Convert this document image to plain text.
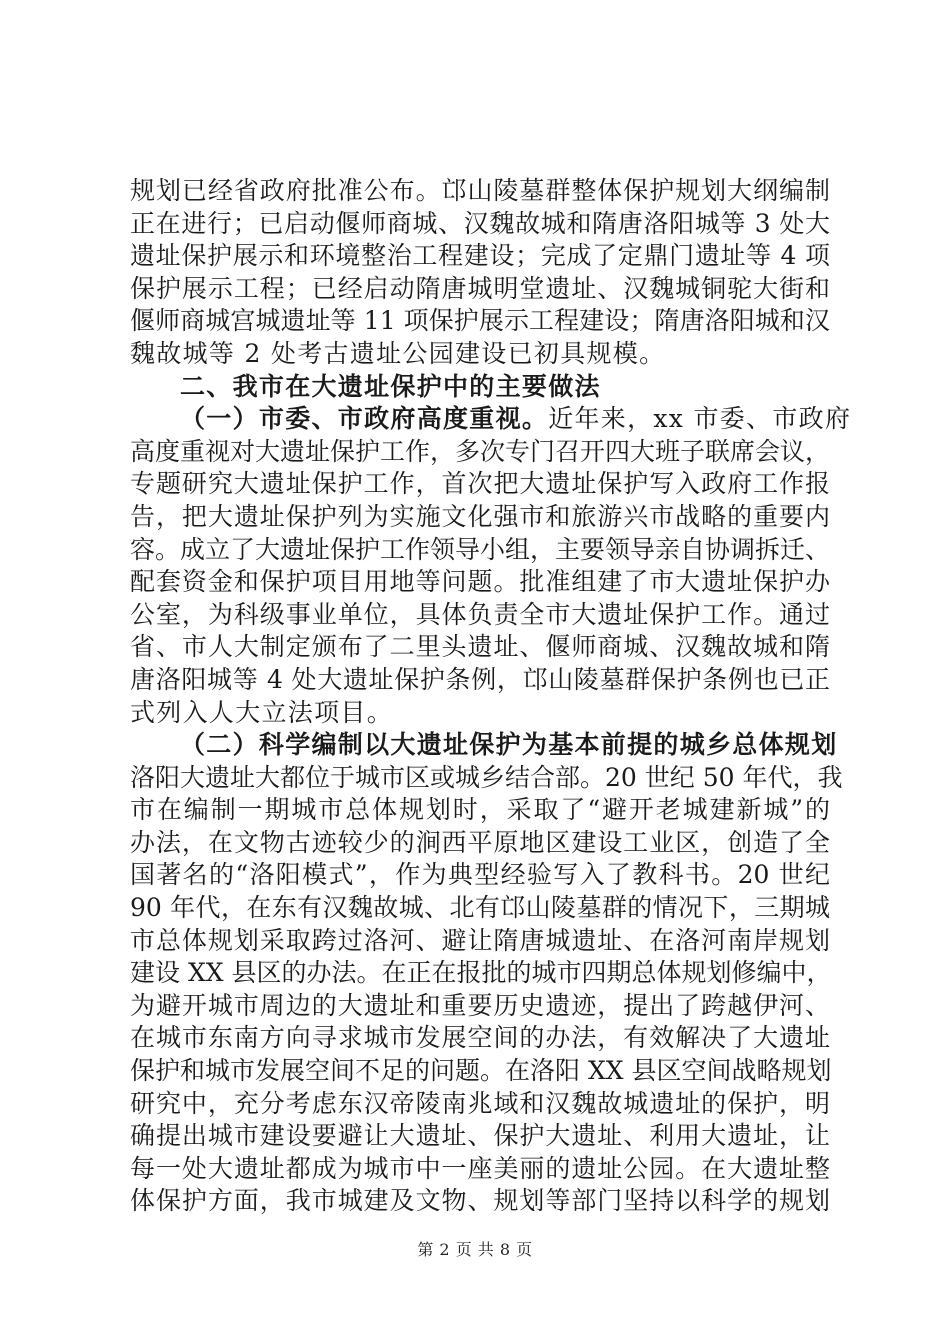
规划已经省政府批准公布。邙山陵墓群整体保护规划大纲编制
正在进行；已启动偃师商城、汉魏故城和隋唐洛阳城等 3 处大
遗址保护展示和环境整治工程建设；完成了定鼎门遗址等 4 项
保护展示工程；已经启动隋唐城明堂遗址、汉魏城铜驼大街和
偃师商城宫城遗址等 11 项保护展示工程建设；隋唐洛阳城和汉
魏故城等 2 处考古遗址公园建设已初具规模。
二、我市在大遗址保护中的主要做法
（一）市委、市政府高度重视。近年来，xx 市委、市政府
高度重视对大遗址保护工作，多次专门召开四大班子联席会议，
专题研究大遗址保护工作，首次把大遗址保护写入政府工作报
告，把大遗址保护列为实施文化强市和旅游兴市战略的重要内
容。成立了大遗址保护工作领导小组，主要领导亲自协调拆迁、
配套资金和保护项目用地等问题。批准组建了市大遗址保护办
公室，为科级事业单位，具体负责全市大遗址保护工作。通过
省、市人大制定颁布了二里头遗址、偃师商城、汉魏故城和隋
唐洛阳城等 4 处大遗址保护条例，邙山陵墓群保护条例也已正
式列入人大立法项目。
（二）科学编制以大遗址保护为基本前提的城乡总体规划
洛阳大遗址大都位于城市区或城乡结合部。20 世纪 50 年代，我
市在编制一期城市总体规划时，采取了“避开老城建新城”的
办法，在文物古迹较少的涧西平原地区建设工业区，创造了全
国著名的“洛阳模式”，作为典型经验写入了教科书。20 世纪
90 年代，在东有汉魏故城、北有邙山陵墓群的情况下，三期城
市总体规划采取跨过洛河、避让隋唐城遗址、在洛河南岸规划
建设 XX 县区的办法。在正在报批的城市四期总体规划修编中，
为避开城市周边的大遗址和重要历史遗迹，提出了跨越伊河、
在城市东南方向寻求城市发展空间的办法，有效解决了大遗址
保护和城市发展空间不足的问题。在洛阳 XX 县区空间战略规划
研究中，充分考虑东汉帝陵南兆域和汉魏故城遗址的保护，明
确提出城市建设要避让大遗址、保护大遗址、利用大遗址，让
每一处大遗址都成为城市中一座美丽的遗址公园。在大遗址整
体保护方面，我市城建及文物、规划等部门坚持以科学的规划
第 2 页 共 8 页
